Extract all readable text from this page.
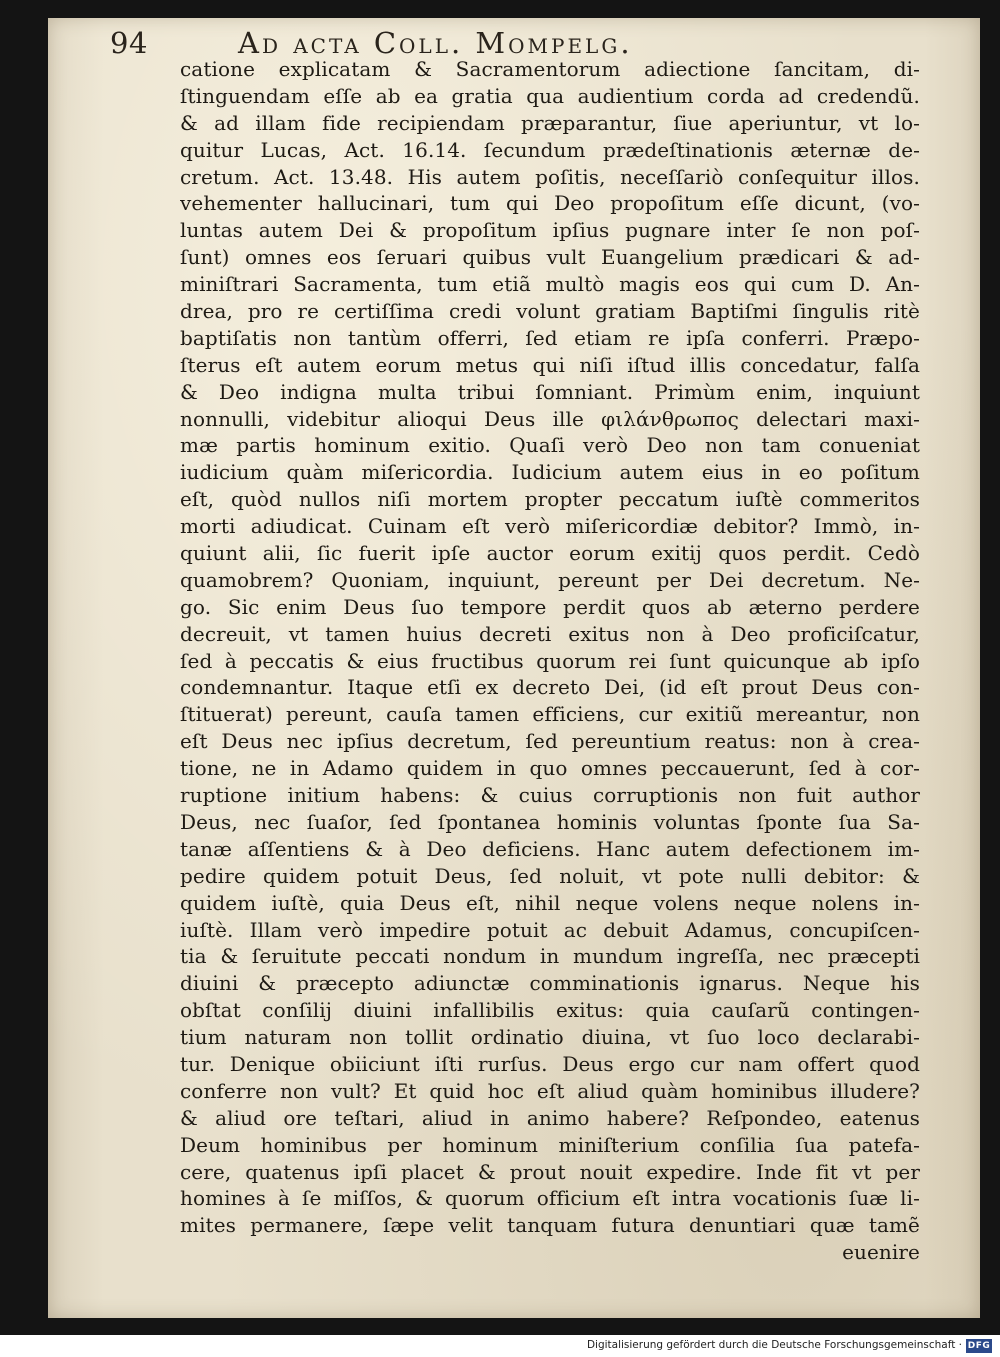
94	Ad acta Coll. Mompelg.
catione explicatam & Sacramentorum adiectione ſancitam, di-
ſtinguendam eſſe ab ea gratia qua audientium corda ad credendũ.
& ad illam fide recipiendam præparantur, ſiue aperiuntur, vt lo-
quitur Lucas, Act. 16.14. ſecundum prædeſtinationis æternæ de-
cretum. Act. 13.48. His autem poſitis, neceſſariò conſequitur illos.
vehementer hallucinari, tum qui Deo propoſitum eſſe dicunt, (vo-
luntas autem Dei & propoſitum ipſius pugnare inter ſe non poſ-
ſunt) omnes eos ſeruari quibus vult Euangelium prædicari & ad-
miniſtrari Sacramenta, tum etiã multò magis eos qui cum D. An-
drea, pro re certiſſima credi volunt gratiam Baptiſmi ſingulis ritè
baptiſatis non tantùm offerri, ſed etiam re ipſa conferri. Præpo-
ſterus eſt autem eorum metus qui niſi iſtud illis concedatur, falſa
& Deo indigna multa tribui ſomniant. Primùm enim, inquiunt
nonnulli, videbitur alioqui Deus ille φιλάνθρωπος delectari maxi-
mæ partis hominum exitio. Quaſi verò Deo non tam conueniat
iudicium quàm miſericordia. Iudicium autem eius in eo poſitum
eſt, quòd nullos niſi mortem propter peccatum iuſtè commeritos
morti adiudicat. Cuinam eſt verò miſericordiæ debitor? Immò, in-
quiunt alii, ſic fuerit ipſe auctor eorum exitij quos perdit. Cedò
quamobrem? Quoniam, inquiunt, pereunt per Dei decretum. Ne-
go. Sic enim Deus ſuo tempore perdit quos ab æterno perdere
decreuit, vt tamen huius decreti exitus non à Deo proficiſcatur,
ſed à peccatis & eius fructibus quorum rei ſunt quicunque ab ipſo
condemnantur. Itaque etſi ex decreto Dei, (id eſt prout Deus con-
ſtituerat) pereunt, cauſa tamen efficiens, cur exitiũ mereantur, non
eſt Deus nec ipſius decretum, ſed pereuntium reatus: non à crea-
tione, ne in Adamo quidem in quo omnes peccauerunt, ſed à cor-
ruptione initium habens: & cuius corruptionis non fuit author
Deus, nec ſuaſor, ſed ſpontanea hominis voluntas ſponte ſua Sa-
tanæ aſſentiens & à Deo deficiens. Hanc autem defectionem im-
pedire quidem potuit Deus, ſed noluit, vt pote nulli debitor: &
quidem iuſtè, quia Deus eſt, nihil neque volens neque nolens in-
iuſtè. Illam verò impedire potuit ac debuit Adamus, concupiſcen-
tia & ſeruitute peccati nondum in mundum ingreſſa, nec præcepti
diuini & præcepto adiunctæ comminationis ignarus. Neque his
obſtat conſilij diuini infallibilis exitus: quia cauſarũ contingen-
tium naturam non tollit ordinatio diuina, vt ſuo loco declarabi-
tur. Denique obiiciunt iſti rurſus. Deus ergo cur nam offert quod
conferre non vult? Et quid hoc eſt aliud quàm hominibus illudere?
& aliud ore teſtari, aliud in animo habere? Reſpondeo, eatenus
Deum hominibus per hominum miniſterium conſilia ſua patefa-
cere, quatenus ipſi placet & prout nouit expedire. Inde fit vt per
homines à ſe miſſos, & quorum officium eſt intra vocationis ſuæ li-
mites permanere, ſæpe velit tanquam futura denuntiari quæ tamẽ
euenire
Digitalisierung gefördert durch die Deutsche Forschungsgemeinschaft · DFG
